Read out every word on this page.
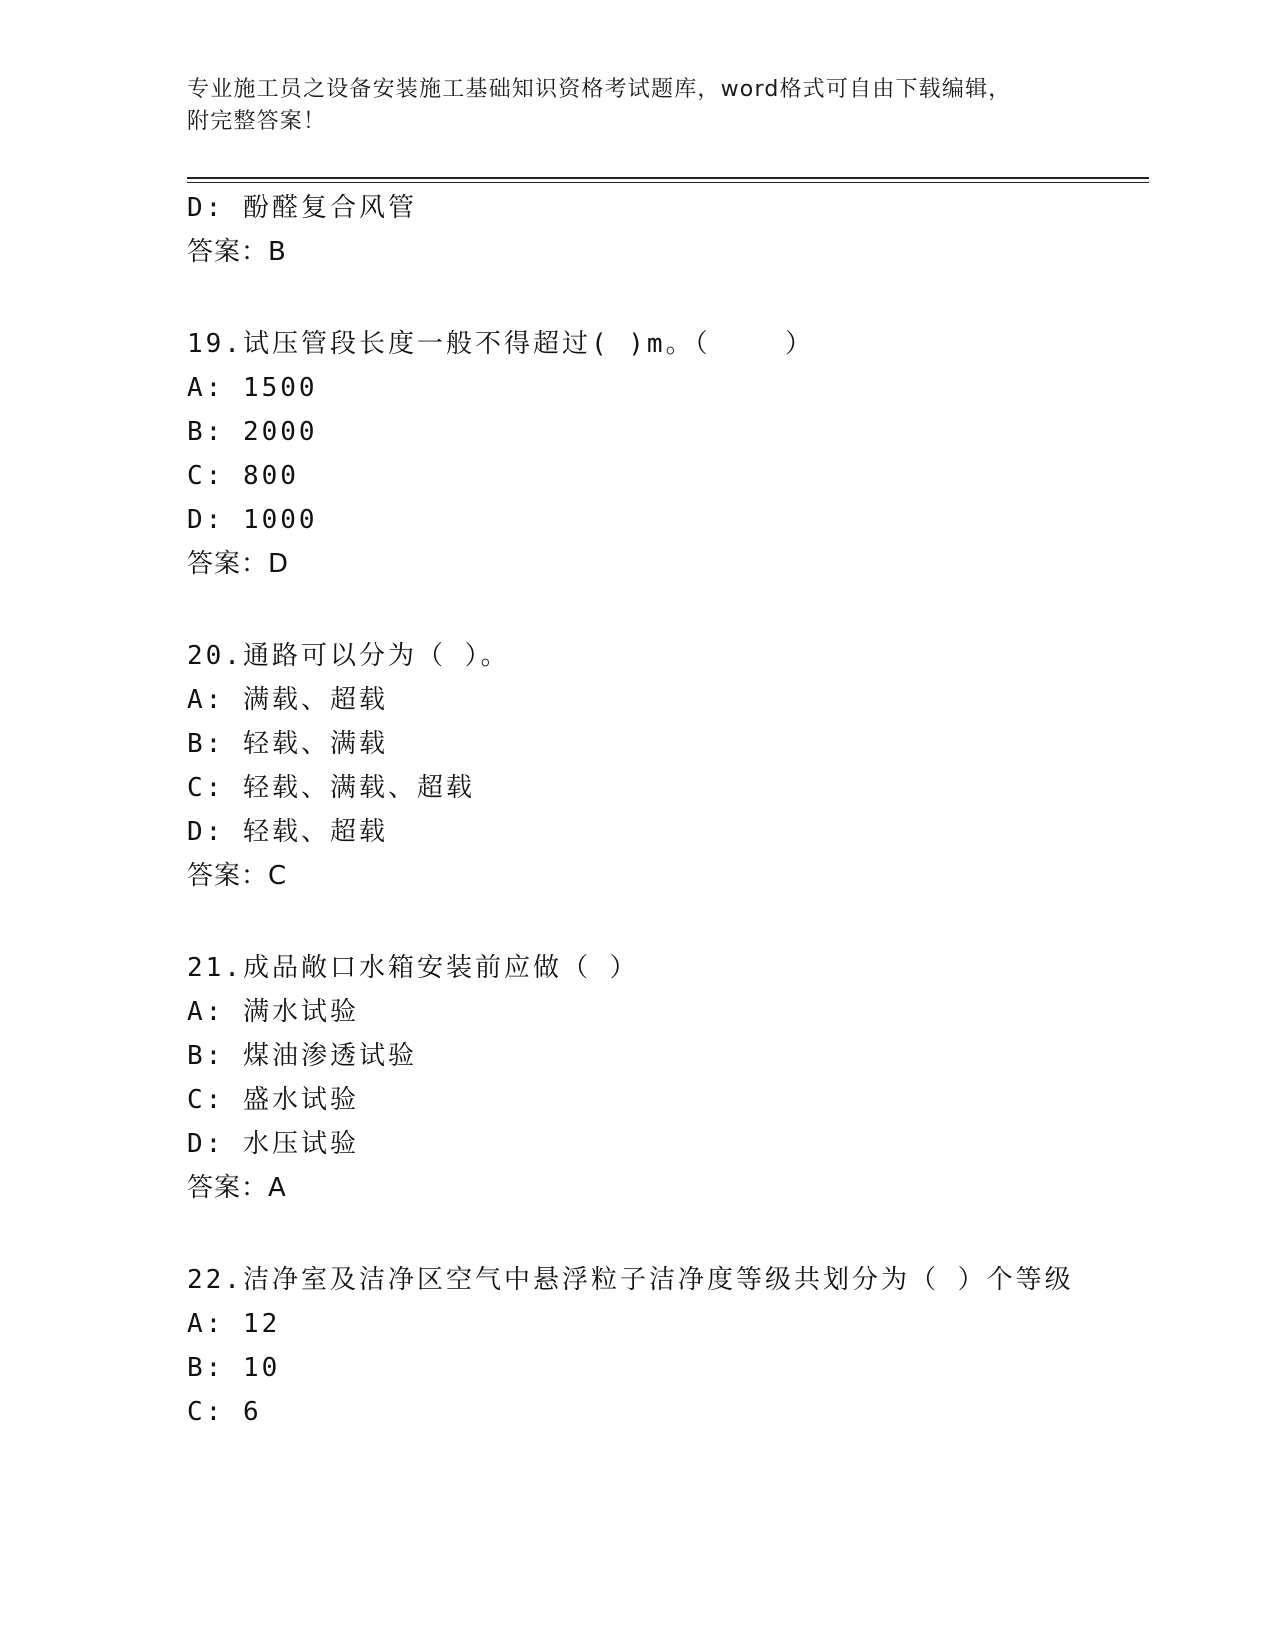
专业施工员之设备安装施工基础知识资格考试题库，word格式可自由下载编辑，
附完整答案！
D: 酚醛复合风管
答案：B
19.试压管段长度一般不得超过( )m。（    ）
A: 1500
B: 2000
C: 800
D: 1000
答案：D
20.通路可以分为（ ）。
A: 满载、超载
B: 轻载、满载
C: 轻载、满载、超载
D: 轻载、超载
答案：C
21.成品敞口水箱安装前应做（ ）
A: 满水试验
B: 煤油渗透试验
C: 盛水试验
D: 水压试验
答案：A
22.洁净室及洁净区空气中悬浮粒子洁净度等级共划分为（ ）个等级
A: 12
B: 10
C: 6
